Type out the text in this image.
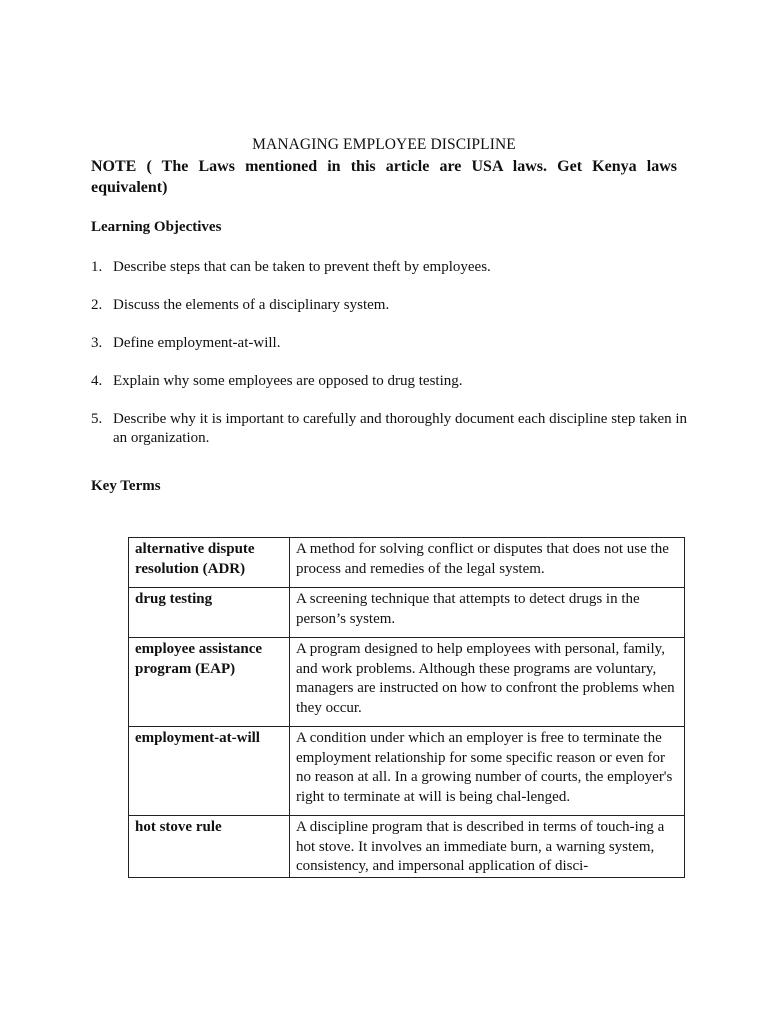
MANAGING EMPLOYEE DISCIPLINE
NOTE ( The Laws mentioned in this article are USA laws. Get Kenya laws equivalent)
Learning Objectives
1. Describe steps that can be taken to prevent theft by employees.
2. Discuss the elements of a disciplinary system.
3. Define employment-at-will.
4. Explain why some employees are opposed to drug testing.
5. Describe why it is important to carefully and thoroughly document each discipline step taken in an organization.
Key Terms
alternative dispute resolution (ADR)	A method for solving conflict or disputes that does not use the process and remedies of the legal system.
drug testing	A screening technique that attempts to detect drugs in the person’s system.
employee assistance program (EAP)	A program designed to help employees with personal, family, and work problems. Although these programs are voluntary, managers are instructed on how to confront the problems when they occur.
employment-at-will	A condition under which an employer is free to terminate the employment relationship for some specific reason or even for no reason at all. In a growing number of courts, the employer's right to terminate at will is being chal-lenged.
hot stove rule	A discipline program that is described in terms of touch-ing a hot stove. It involves an immediate burn, a warning system, consistency, and impersonal application of disci-
